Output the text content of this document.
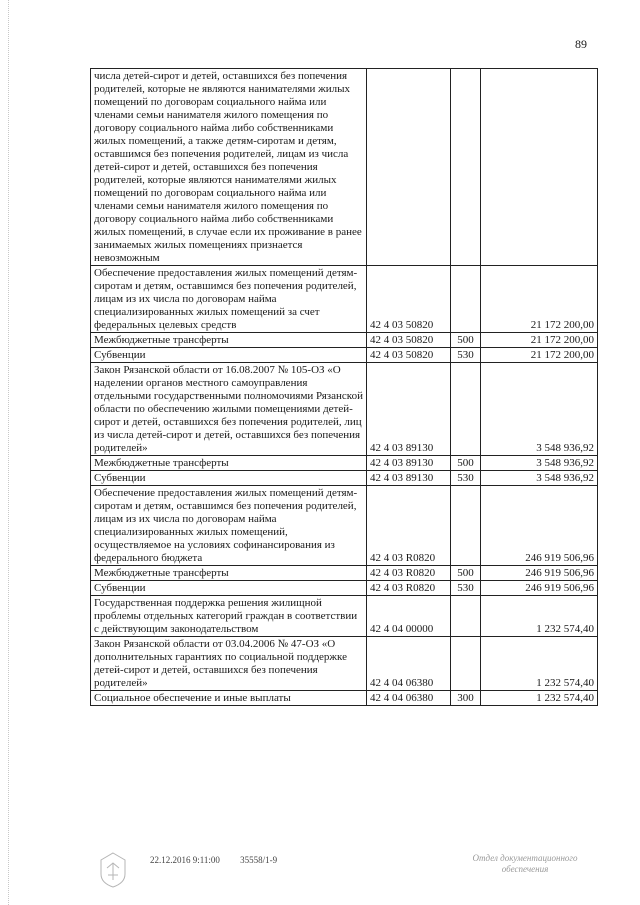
89
числа детей-сирот и детей, оставшихся без попечения родителей, которые не являются нанимателями жилых помещений по договорам социального найма или членами семьи нанимателя жилого помещения по договору социального найма либо собственниками жилых помещений, а также детям-сиротам и детям, оставшимся без попечения родителей, лицам из числа детей-сирот и детей, оставшихся без попечения родителей, которые являются нанимателями жилых помещений по договорам социального найма или членами семьи нанимателя жилого помещения по договору социального найма либо собственниками жилых помещений, в случае если их проживание в ранее занимаемых жилых помещениях признается невозможным			
Обеспечение предоставления жилых помещений детям-сиротам и детям, оставшимся без попечения родителей, лицам из их числа по договорам найма специализированных жилых помещений за счет федеральных целевых средств	42 4 03 50820		21 172 200,00
Межбюджетные трансферты	42 4 03 50820	500	21 172 200,00
Субвенции	42 4 03 50820	530	21 172 200,00
Закон Рязанской области от 16.08.2007 № 105-ОЗ «О наделении органов местного самоуправления отдельными государственными полномочиями Рязанской области по обеспечению жилыми помещениями детей-сирот и детей, оставшихся без попечения родителей, лиц из числа детей-сирот и детей, оставшихся без попечения родителей»	42 4 03 89130		3 548 936,92
Межбюджетные трансферты	42 4 03 89130	500	3 548 936,92
Субвенции	42 4 03 89130	530	3 548 936,92
Обеспечение предоставления жилых помещений детям-сиротам и детям, оставшимся без попечения родителей, лицам из их числа по договорам найма специализированных жилых помещений, осуществляемое на условиях софинансирования из федерального бюджета	42 4 03 R0820		246 919 506,96
Межбюджетные трансферты	42 4 03 R0820	500	246 919 506,96
Субвенции	42 4 03 R0820	530	246 919 506,96
Государственная поддержка решения жилищной проблемы отдельных категорий граждан в соответствии с действующим законодательством	42 4 04 00000		1 232 574,40
Закон Рязанской области от 03.04.2006 № 47-ОЗ «О дополнительных гарантиях по социальной поддержке детей-сирот и детей, оставшихся без попечения родителей»	42 4 04 06380		1 232 574,40
Социальное обеспечение и иные выплаты	42 4 04 06380	300	1 232 574,40
22.12.2016 9:11:00 35558/1-9	Отдел документационного обеспечения
